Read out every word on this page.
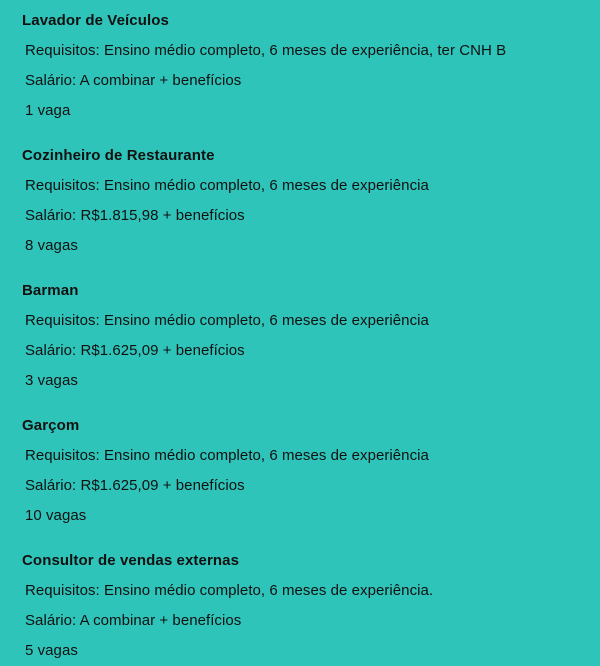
Lavador de Veículos
Requisitos: Ensino médio completo, 6 meses de experiência, ter CNH B
Salário: A combinar + benefícios
1 vaga
Cozinheiro de Restaurante
Requisitos: Ensino médio completo, 6 meses de experiência
Salário: R$1.815,98 + benefícios
8 vagas
Barman
Requisitos: Ensino médio completo, 6 meses de experiência
Salário: R$1.625,09 + benefícios
3 vagas
Garçom
Requisitos: Ensino médio completo, 6 meses de experiência
Salário: R$1.625,09 + benefícios
10 vagas
Consultor de vendas externas
Requisitos: Ensino médio completo, 6 meses de experiência.
Salário: A combinar + benefícios
5 vagas
